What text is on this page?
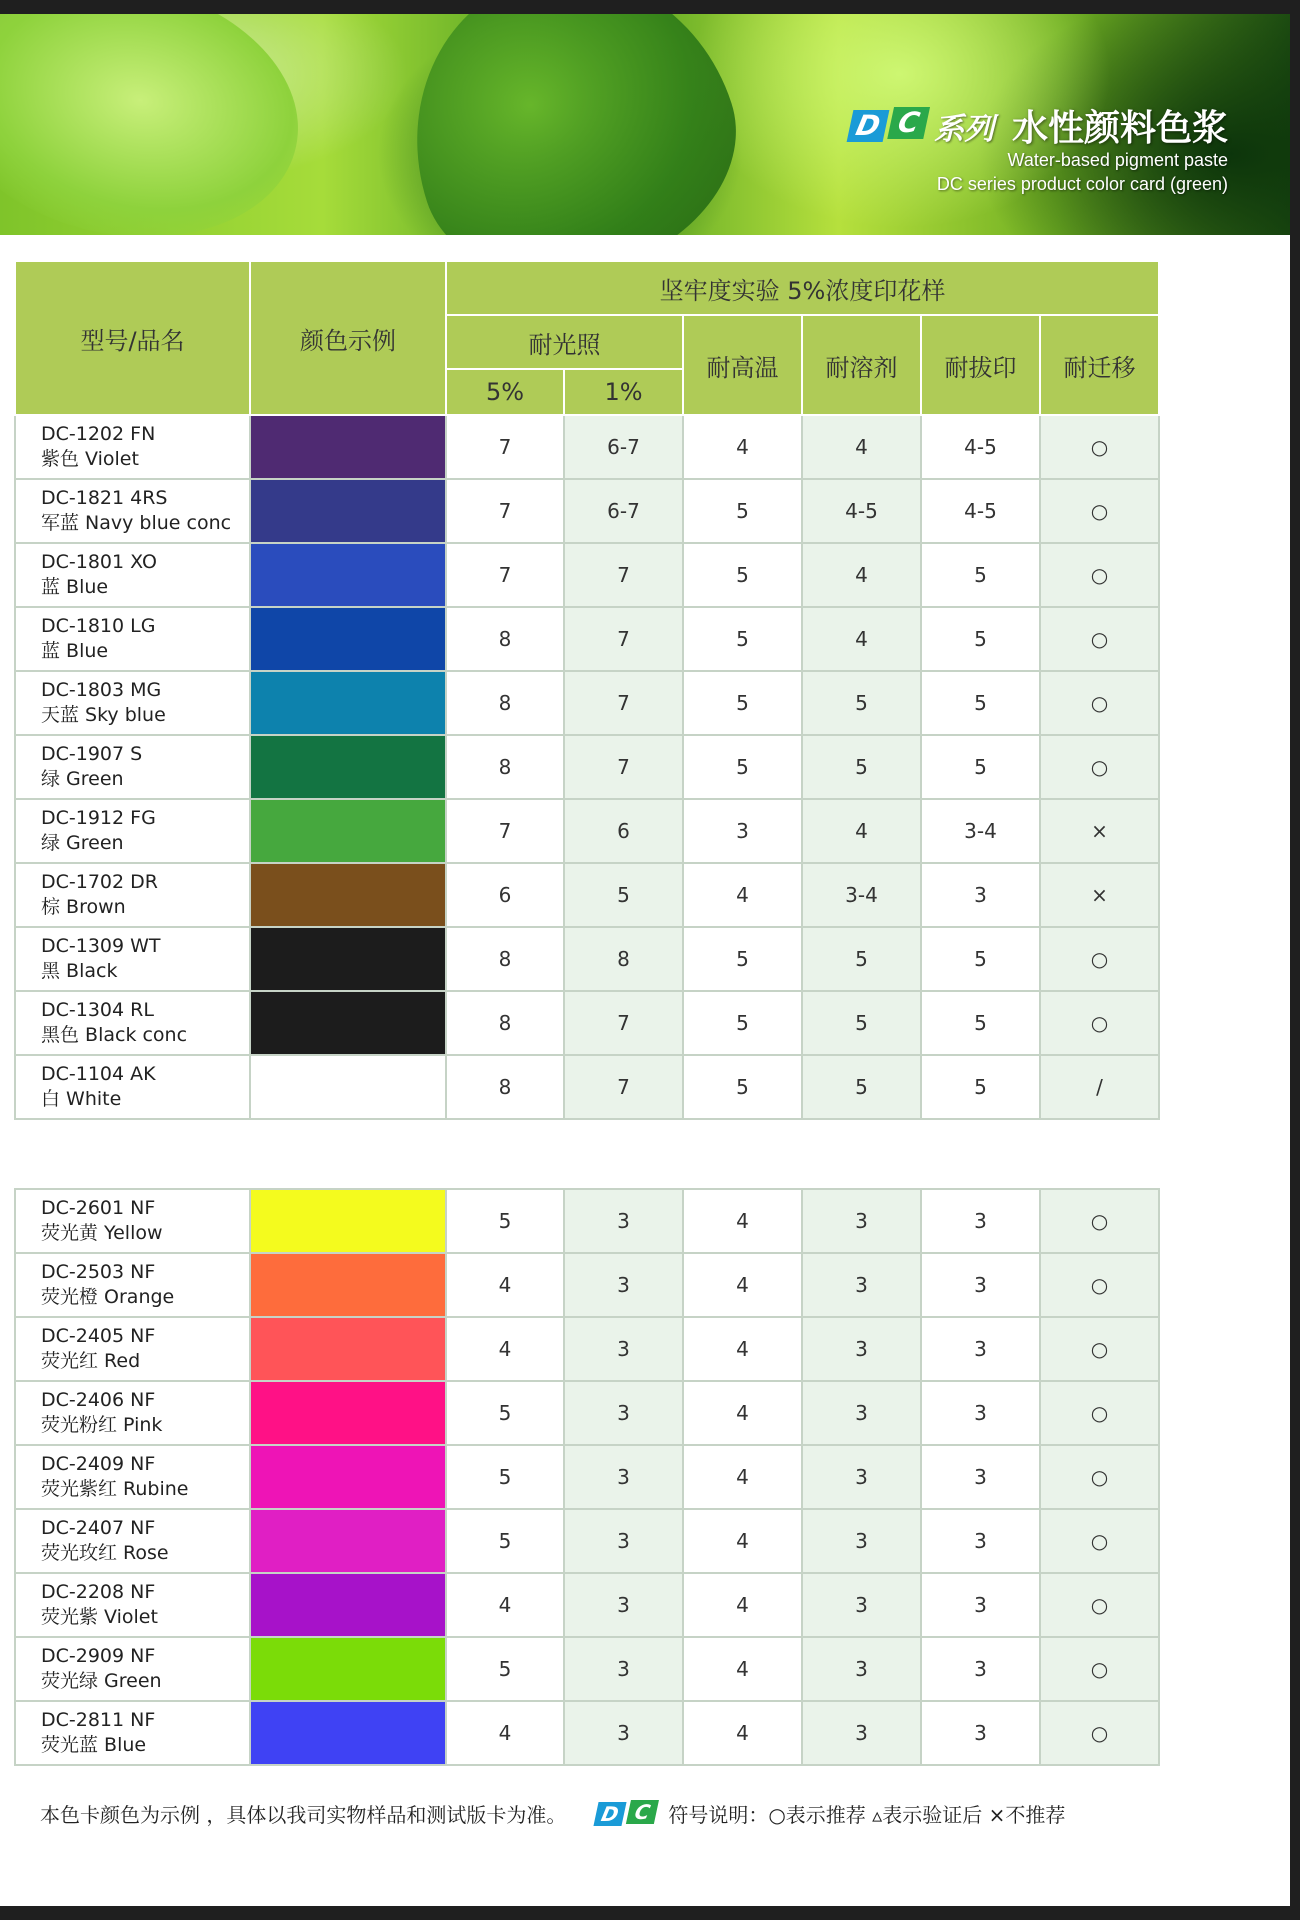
D C 系列 水性颜料色浆
Water-based pigment paste
DC series product color card (green)
型号/品名	颜色示例	坚牢度实验 5%浓度印花样					
		耐光照		耐高温	耐溶剂	耐拔印	耐迁移
		5%	1%				

DC-1202 FN
紫色 Violet		7	6-7	4	4	4-5	○

DC-1821 4RS
军蓝 Navy blue conc		7	6-7	5	4-5	4-5	○

DC-1801 XO
蓝 Blue		7	7	5	4	5	○

DC-1810 LG
蓝 Blue		8	7	5	4	5	○

DC-1803 MG
天蓝 Sky blue		8	7	5	5	5	○

DC-1907 S
绿 Green		8	7	5	5	5	○

DC-1912 FG
绿 Green		7	6	3	4	3-4	×

DC-1702 DR
棕 Brown		6	5	4	3-4	3	×

DC-1309 WT
黑 Black		8	8	5	5	5	○

DC-1304 RL
黑色 Black conc		8	7	5	5	5	○

DC-1104 AK
白 White		8	7	5	5	5	/
DC-2601 NF
荧光黄 Yellow		5	3	4	3	3	○

DC-2503 NF
荧光橙 Orange		4	3	4	3	3	○

DC-2405 NF
荧光红 Red		4	3	4	3	3	○

DC-2406 NF
荧光粉红 Pink		5	3	4	3	3	○

DC-2409 NF
荧光紫红 Rubine		5	3	4	3	3	○

DC-2407 NF
荧光玫红 Rose		5	3	4	3	3	○

DC-2208 NF
荧光紫 Violet		4	3	4	3	3	○

DC-2909 NF
荧光绿 Green		5	3	4	3	3	○

DC-2811 NF
荧光蓝 Blue		4	3	4	3	3	○
本色卡颜色为示例 ，具体以我司实物样品和测试版卡为准。 D C 符号说明：○表示推荐 ▵表示验证后 ×不推荐
